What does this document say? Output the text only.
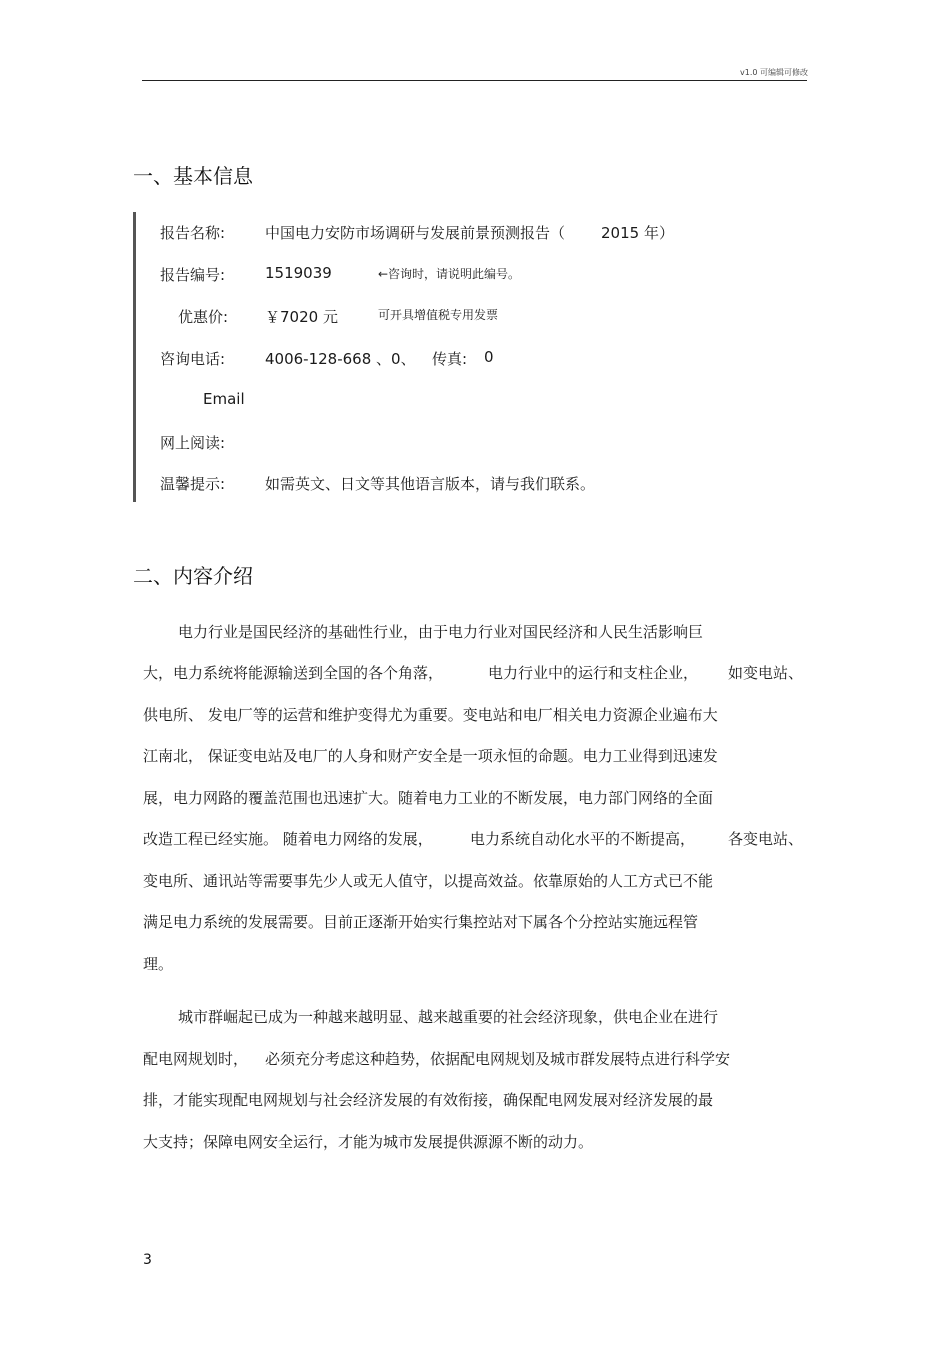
v1.0 可编辑可修改
一、基本信息
报告名称:	中国电力安防市场调研与发展前景预测报告（ 2015 年）
报告编号:	1519039	←咨询时，请说明此编号。
优惠价: ￥7020 元	可开具增值税专用发票
咨询电话:	4006-128-668 、0、 传真: 0
Email
网上阅读:
温馨提示:	如需英文、日文等其他语言版本，请与我们联系。
二、内容介绍
电力行业是国民经济的基础性行业，由于电力行业对国民经济和人民生活影响巨
大，电力系统将能源输送到全国的各个角落，	电力行业中的运行和支柱企业， 如变电站、
供电所、 发电厂等的运营和维护变得尤为重要。变电站和电厂相关电力资源企业遍布大
江南北， 保证变电站及电厂的人身和财产安全是一项永恒的命题。电力工业得到迅速发
展，电力网路的覆盖范围也迅速扩大。随着电力工业的不断发展，电力部门网络的全面
改造工程已经实施。 随着电力网络的发展， 电力系统自动化水平的不断提高， 各变电站、
变电所、通讯站等需要事先少人或无人值守，以提高效益。依靠原始的人工方式已不能
满足电力系统的发展需要。目前正逐渐开始实行集控站对下属各个分控站实施远程管
理。
城市群崛起已成为一种越来越明显、越来越重要的社会经济现象，供电企业在进行
配电网规划时， 必须充分考虑这种趋势，依据配电网规划及城市群发展特点进行科学安
排，才能实现配电网规划与社会经济发展的有效衔接，确保配电网发展对经济发展的最
大支持；保障电网安全运行，才能为城市发展提供源源不断的动力。
3
